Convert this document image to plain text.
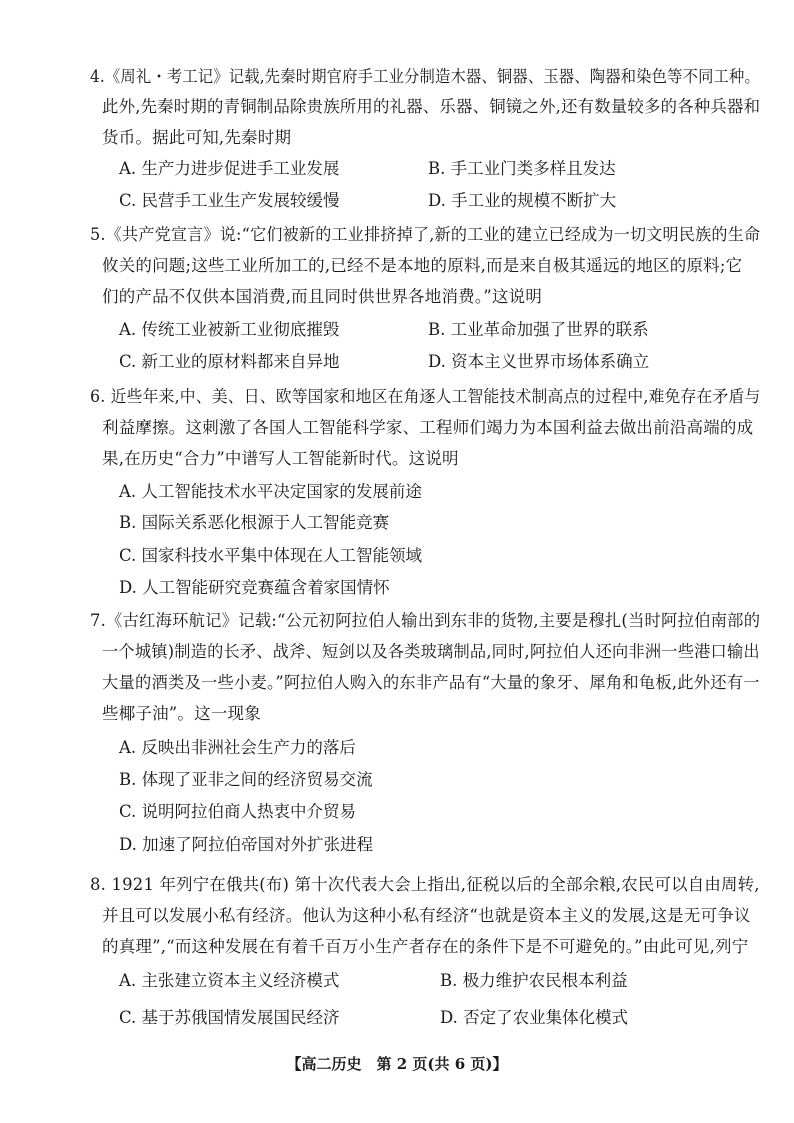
4.《周礼・考工记》记载,先秦时期官府手工业分制造木器、铜器、玉器、陶器和染色等不同工种。
此外,先秦时期的青铜制品除贵族所用的礼器、乐器、铜镜之外,还有数量较多的各种兵器和
货币。据此可知,先秦时期
A. 生产力进步促进手工业发展	B. 手工业门类多样且发达
C. 民营手工业生产发展较缓慢	D. 手工业的规模不断扩大
5.《共产党宣言》说:“它们被新的工业排挤掉了,新的工业的建立已经成为一切文明民族的生命
攸关的问题;这些工业所加工的,已经不是本地的原料,而是来自极其遥远的地区的原料;它
们的产品不仅供本国消费,而且同时供世界各地消费。”这说明
A. 传统工业被新工业彻底摧毁	B. 工业革命加强了世界的联系
C. 新工业的原材料都来自异地	D. 资本主义世界市场体系确立
6. 近些年来,中、美、日、欧等国家和地区在角逐人工智能技术制高点的过程中,难免存在矛盾与
利益摩擦。这刺激了各国人工智能科学家、工程师们竭力为本国利益去做出前沿高端的成
果,在历史“合力”中谱写人工智能新时代。这说明
A. 人工智能技术水平决定国家的发展前途
B. 国际关系恶化根源于人工智能竞赛
C. 国家科技水平集中体现在人工智能领域
D. 人工智能研究竞赛蕴含着家国情怀
7.《古红海环航记》记载:“公元初阿拉伯人输出到东非的货物,主要是穆扎(当时阿拉伯南部的
一个城镇)制造的长矛、战斧、短剑以及各类玻璃制品,同时,阿拉伯人还向非洲一些港口输出
大量的酒类及一些小麦。”阿拉伯人购入的东非产品有“大量的象牙、犀角和龟板,此外还有一
些椰子油”。这一现象
A. 反映出非洲社会生产力的落后
B. 体现了亚非之间的经济贸易交流
C. 说明阿拉伯商人热衷中介贸易
D. 加速了阿拉伯帝国对外扩张进程
8. 1921 年列宁在俄共(布) 第十次代表大会上指出,征税以后的全部余粮,农民可以自由周转,
并且可以发展小私有经济。他认为这种小私有经济“也就是资本主义的发展,这是无可争议
的真理”,“而这种发展在有着千百万小生产者存在的条件下是不可避免的。”由此可见,列宁
A. 主张建立资本主义经济模式	B. 极力维护农民根本利益
C. 基于苏俄国情发展国民经济	D. 否定了农业集体化模式
【高二历史　第 2 页(共 6 页)】
